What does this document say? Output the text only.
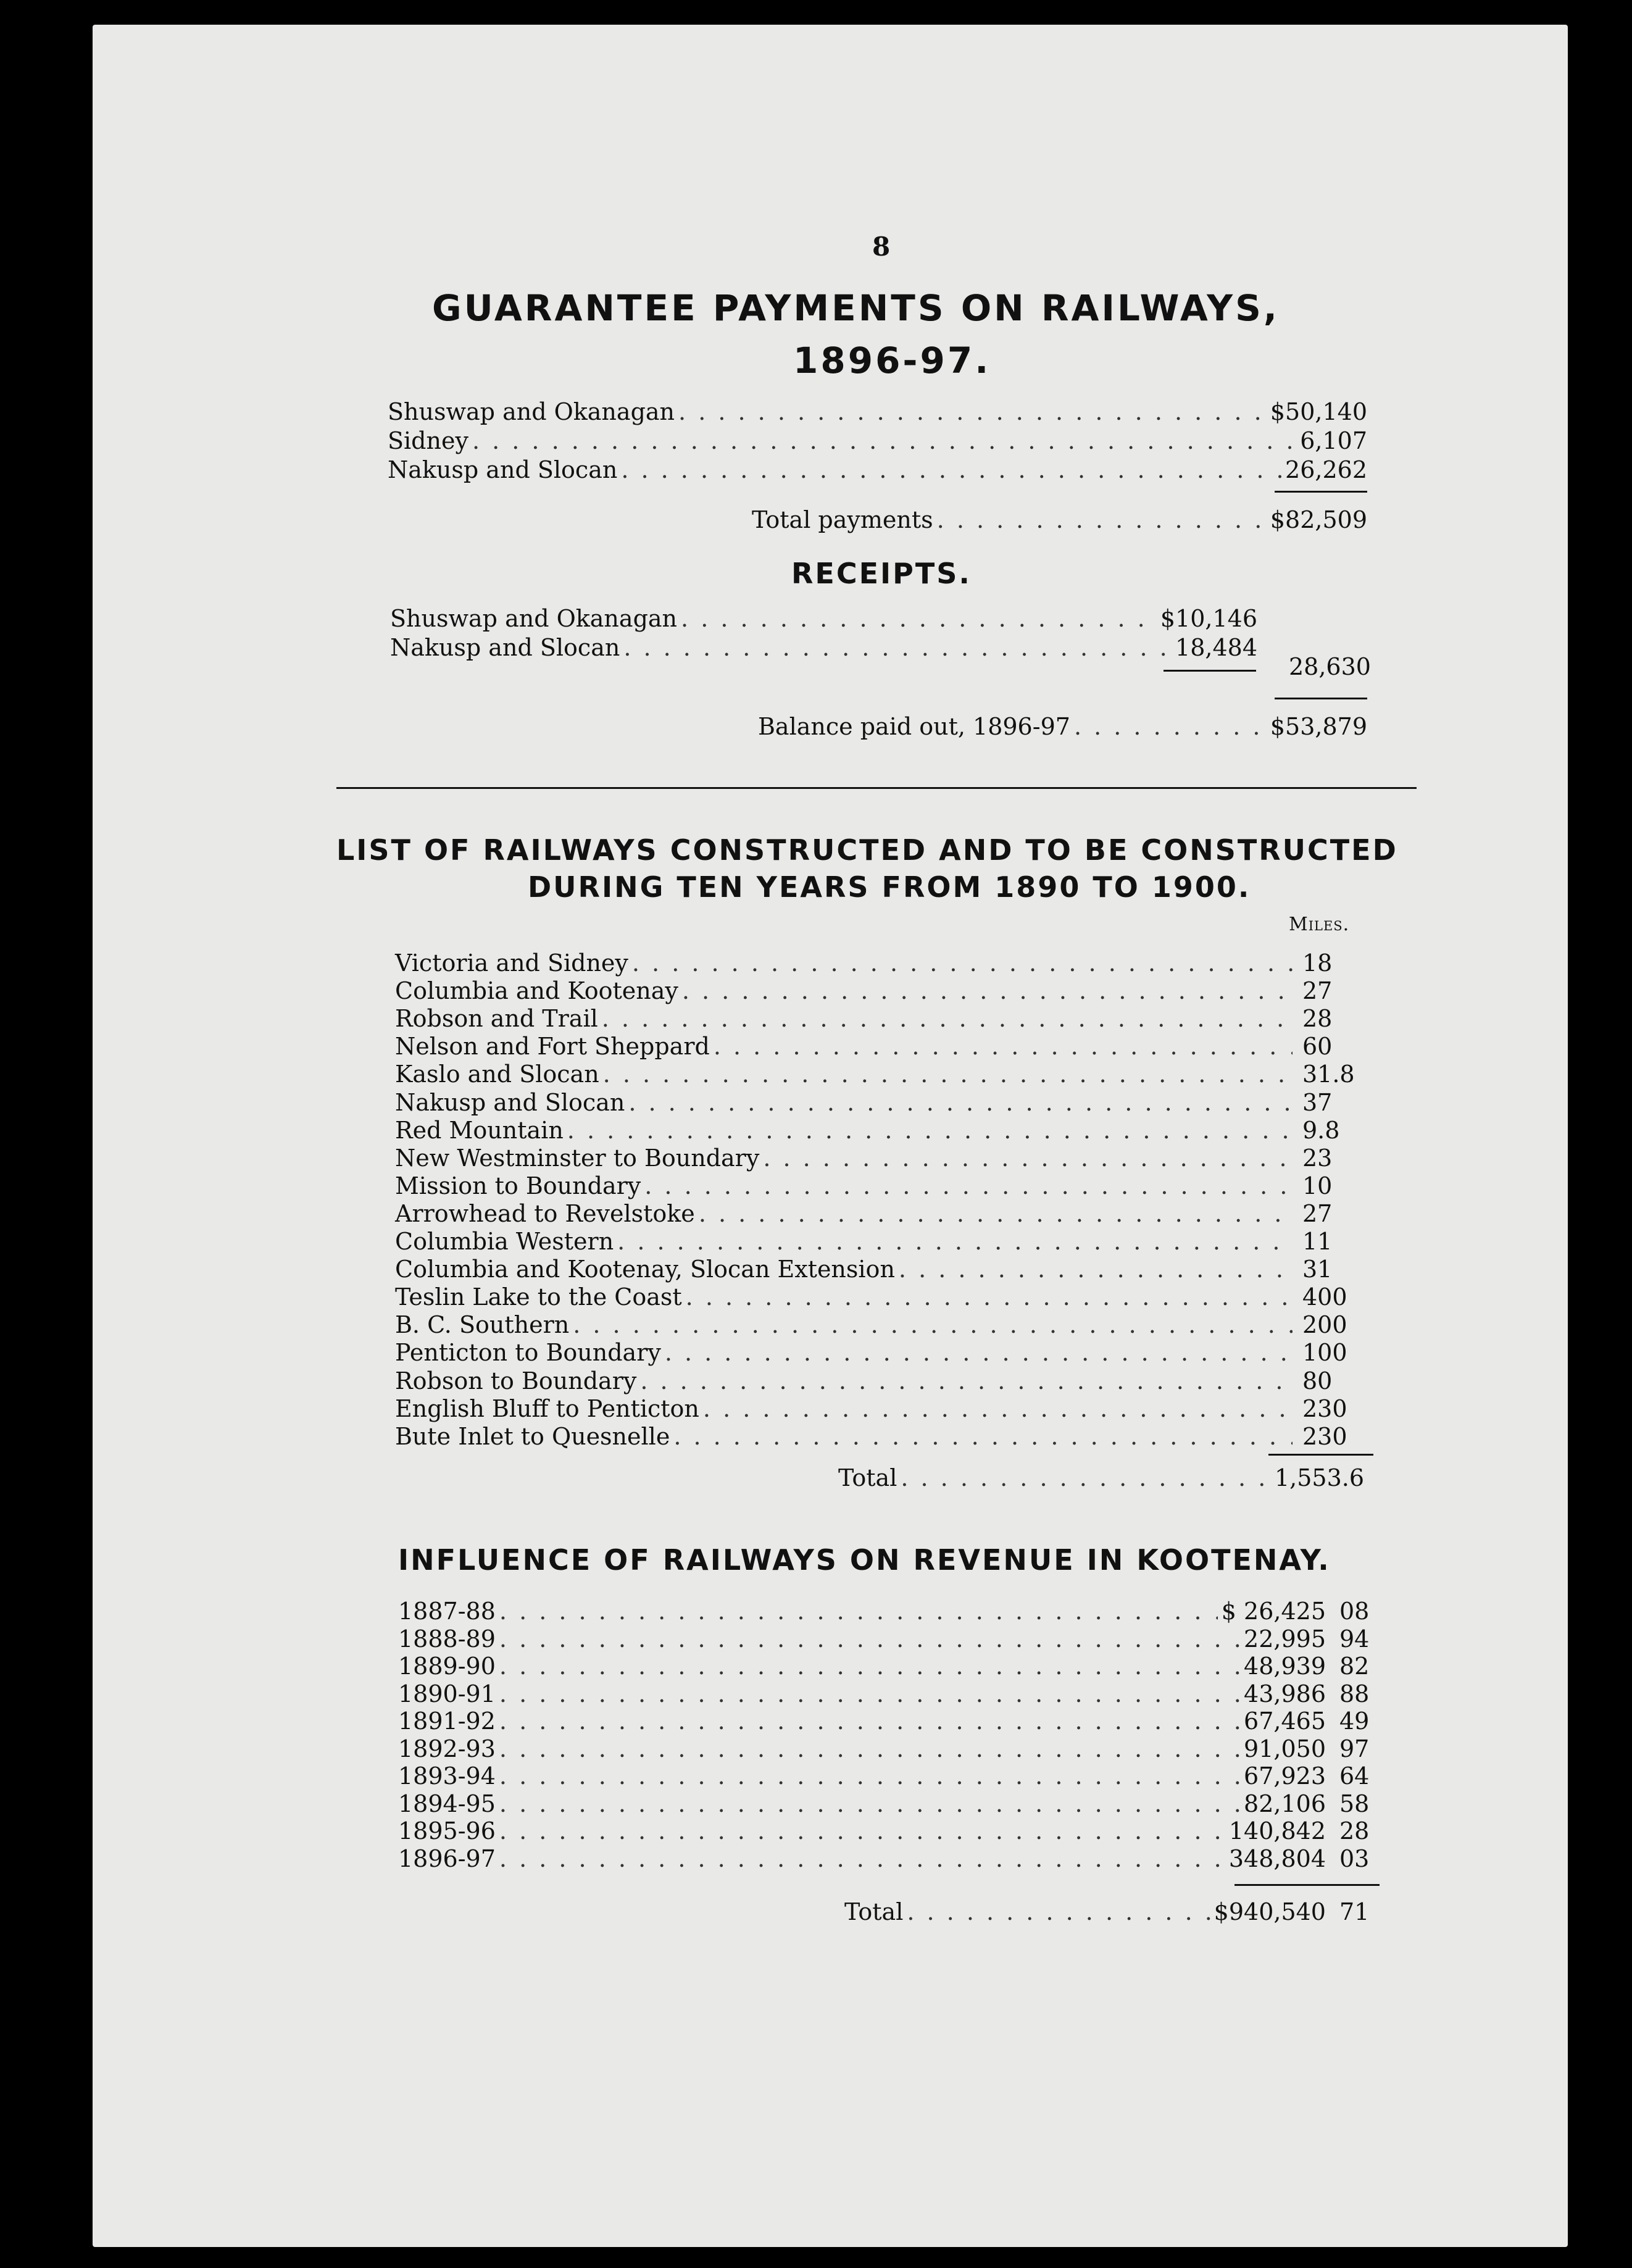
8
GUARANTEE PAYMENTS ON RAILWAYS,
1896-97.
Shuswap and Okanagan . . .	$50,140
Sidney . . .	6,107
Nakusp and Slocan . . .	26,262
Total payments . . .	$82,509
RECEIPTS.
Shuswap and Okanagan . . .	$10,146
Nakusp and Slocan . . .	18,484
28,630
Balance paid out, 1896-97 . . .	$53,879
LIST OF RAILWAYS CONSTRUCTED AND TO BE CONSTRUCTED
DURING TEN YEARS FROM 1890 TO 1900.
Miles.
Victoria and Sidney . . .	18
Columbia and Kootenay . . .	27
Robson and Trail . . .	28
Nelson and Fort Sheppard . . .	60
Kaslo and Slocan . . .	31.8
Nakusp and Slocan . . .	37
Red Mountain . . .	9.8
New Westminster to Boundary . . .	23
Mission to Boundary . . .	10
Arrowhead to Revelstoke . . .	27
Columbia Western . . .	11
Columbia and Kootenay, Slocan Extension . . .	31
Teslin Lake to the Coast . . .	400
B. C. Southern . . .	200
Penticton to Boundary . . .	100
Robson to Boundary . . .	80
English Bluff to Penticton . . .	230
Bute Inlet to Quesnelle . . .	230
Total . . .	1,553.6
INFLUENCE OF RAILWAYS ON REVENUE IN KOOTENAY.
1887-88 . . .	$ 26,425 08
1888-89 . . .	22,995 94
1889-90 . . .	48,939 82
1890-91 . . .	43,986 88
1891-92 . . .	67,465 49
1892-93 . . .	91,050 97
1893-94 . . .	67,923 64
1894-95 . . .	82,106 58
1895-96 . . .	140,842 28
1896-97 . . .	348,804 03
Total . . .	$940,540 71
